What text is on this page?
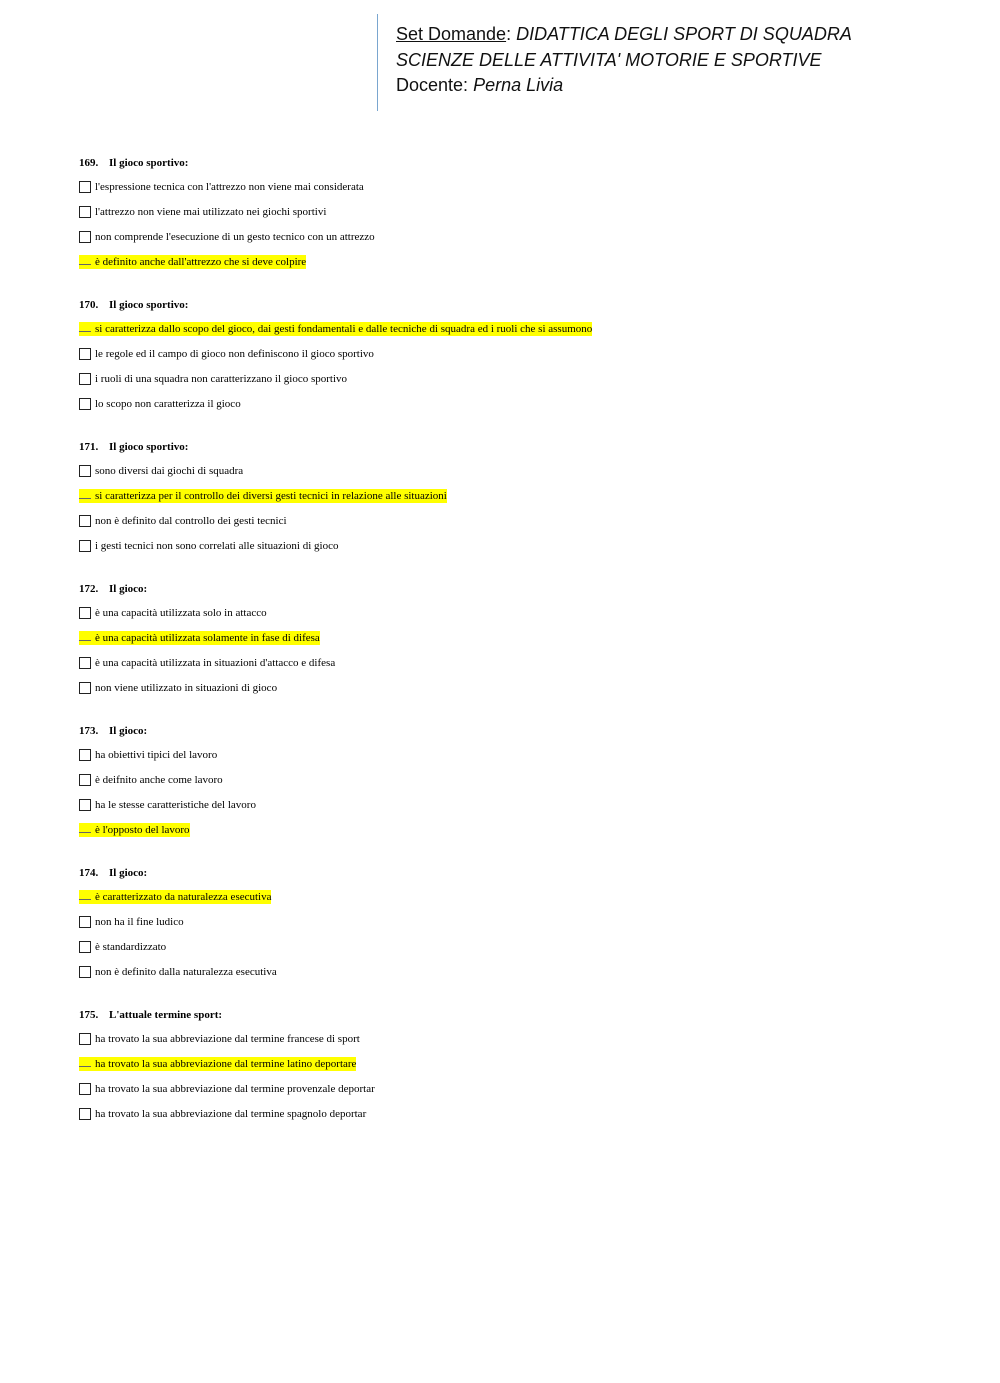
Set Domande: DIDATTICA DEGLI SPORT DI SQUADRA
SCIENZE DELLE ATTIVITA' MOTORIE E SPORTIVE
Docente: Perna Livia
169. Il gioco sportivo:
l'espressione tecnica con l'attrezzo non viene mai considerata
l'attrezzo non viene mai utilizzato nei giochi sportivi
non comprende l'esecuzione di un gesto tecnico con un attrezzo
è definito anche dall'attrezzo che si deve colpire
170. Il gioco sportivo:
si caratterizza dallo scopo del gioco, dai gesti fondamentali e dalle tecniche di squadra ed i ruoli che si assumono
le regole ed il campo di gioco non definiscono il gioco sportivo
i ruoli di una squadra non caratterizzano il gioco sportivo
lo scopo non caratterizza il gioco
171. Il gioco sportivo:
sono diversi dai giochi di squadra
si caratterizza per il controllo dei diversi gesti tecnici in relazione alle situazioni
non è definito dal controllo dei gesti tecnici
i gesti tecnici non sono correlati alle situazioni di gioco
172. Il gioco:
è una capacità utilizzata solo in attacco
è una capacità utilizzata solamente in fase di difesa
è una capacità utilizzata in situazioni d'attacco e difesa
non viene utilizzato in situazioni di gioco
173. Il gioco:
ha obiettivi tipici del lavoro
è deifnito anche come lavoro
ha le stesse caratteristiche del lavoro
è l'opposto del lavoro
174. Il gioco:
è caratterizzato da naturalezza esecutiva
non ha il fine ludico
è standardizzato
non è definito dalla naturalezza esecutiva
175. L'attuale termine sport:
ha trovato la sua abbreviazione dal termine francese di sport
ha trovato la sua abbreviazione dal termine latino deportare
ha trovato la sua abbreviazione dal termine provenzale deportar
ha trovato la sua abbreviazione dal termine spagnolo deportar
